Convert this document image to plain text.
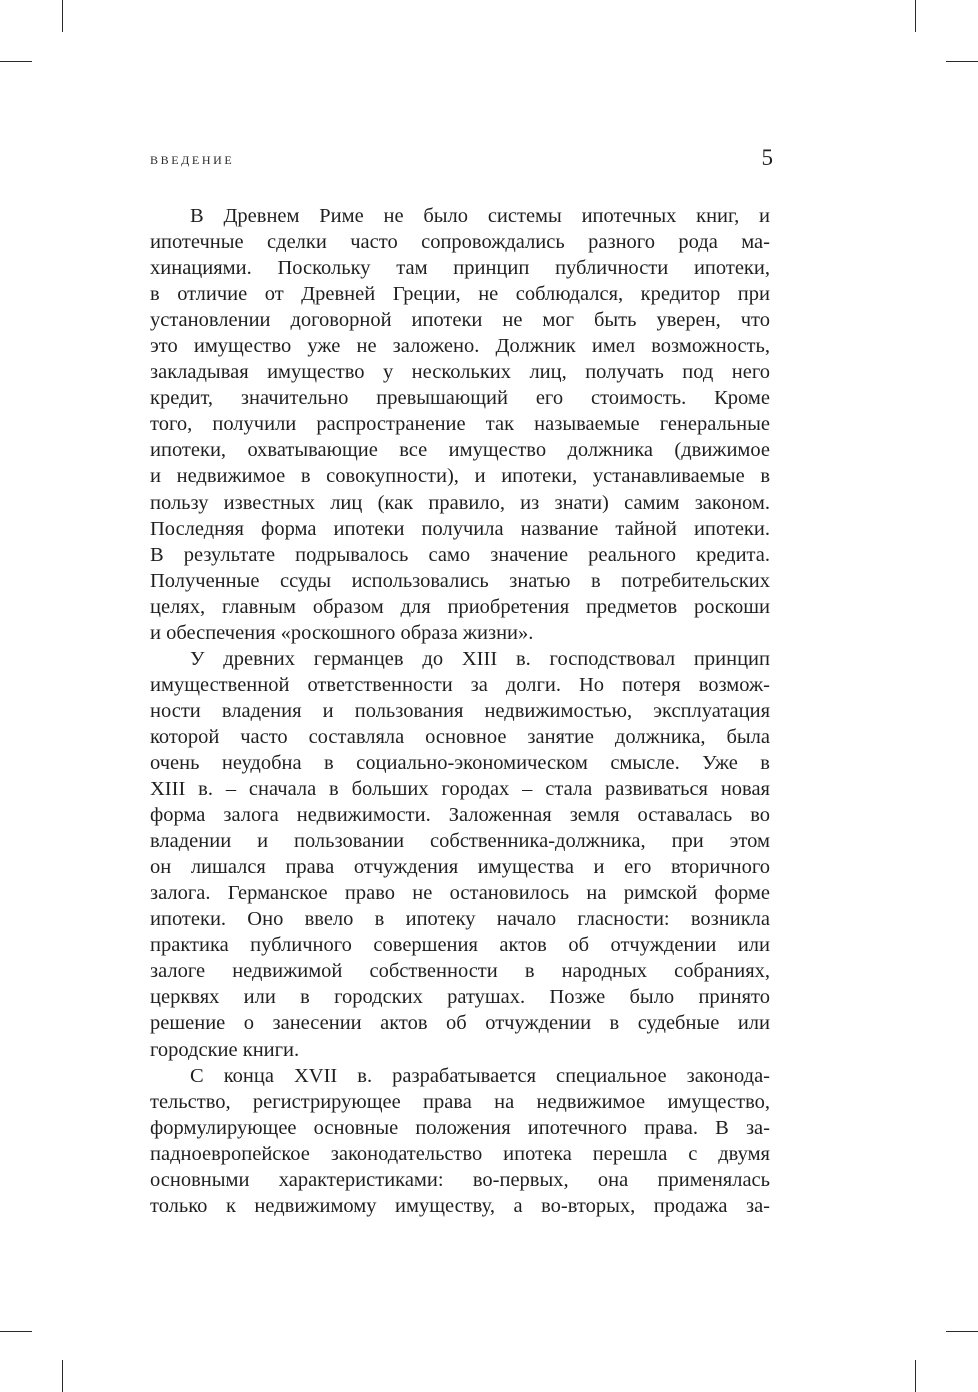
ВВЕДЕНИЕ	5
В Древнем Риме не было системы ипотечных книг, и
ипотечные сделки часто сопровождались разного рода ма-
хинациями. Поскольку там принцип публичности ипотеки,
в отличие от Древней Греции, не соблюдался, кредитор при
установлении договорной ипотеки не мог быть уверен, что
это имущество уже не заложено. Должник имел возможность,
закладывая имущество у нескольких лиц, получать под него
кредит, значительно превышающий его стоимость. Кроме
того, получили распространение так называемые генеральные
ипотеки, охватывающие все имущество должника (движимое
и недвижимое в совокупности), и ипотеки, устанавливаемые в
пользу известных лиц (как правило, из знати) самим законом.
Последняя форма ипотеки получила название тайной ипотеки.
В результате подрывалось само значение реального кредита.
Полученные ссуды использовались знатью в потребительских
целях, главным образом для приобретения предметов роскоши
и обеспечения «роскошного образа жизни».
У древних германцев до XIII в. господствовал принцип
имущественной ответственности за долги. Но потеря возмож-
ности владения и пользования недвижимостью, эксплуатация
которой часто составляла основное занятие должника, была
очень неудобна в социально-экономическом смысле. Уже в
XIII в. – сначала в больших городах – стала развиваться новая
форма залога недвижимости. Заложенная земля оставалась во
владении и пользовании собственника-должника, при этом
он лишался права отчуждения имущества и его вторичного
залога. Германское право не остановилось на римской форме
ипотеки. Оно ввело в ипотеку начало гласности: возникла
практика публичного совершения актов об отчуждении или
залоге недвижимой собственности в народных собраниях,
церквях или в городских ратушах. Позже было принято
решение о занесении актов об отчуждении в судебные или
городские книги.
С конца XVII в. разрабатывается специальное законода-
тельство, регистрирующее права на недвижимое имущество,
формулирующее основные положения ипотечного права. В за-
падноевропейское законодательство ипотека перешла с двумя
основными характеристиками: во-первых, она применялась
только к недвижимому имуществу, а во-вторых, продажа за-
